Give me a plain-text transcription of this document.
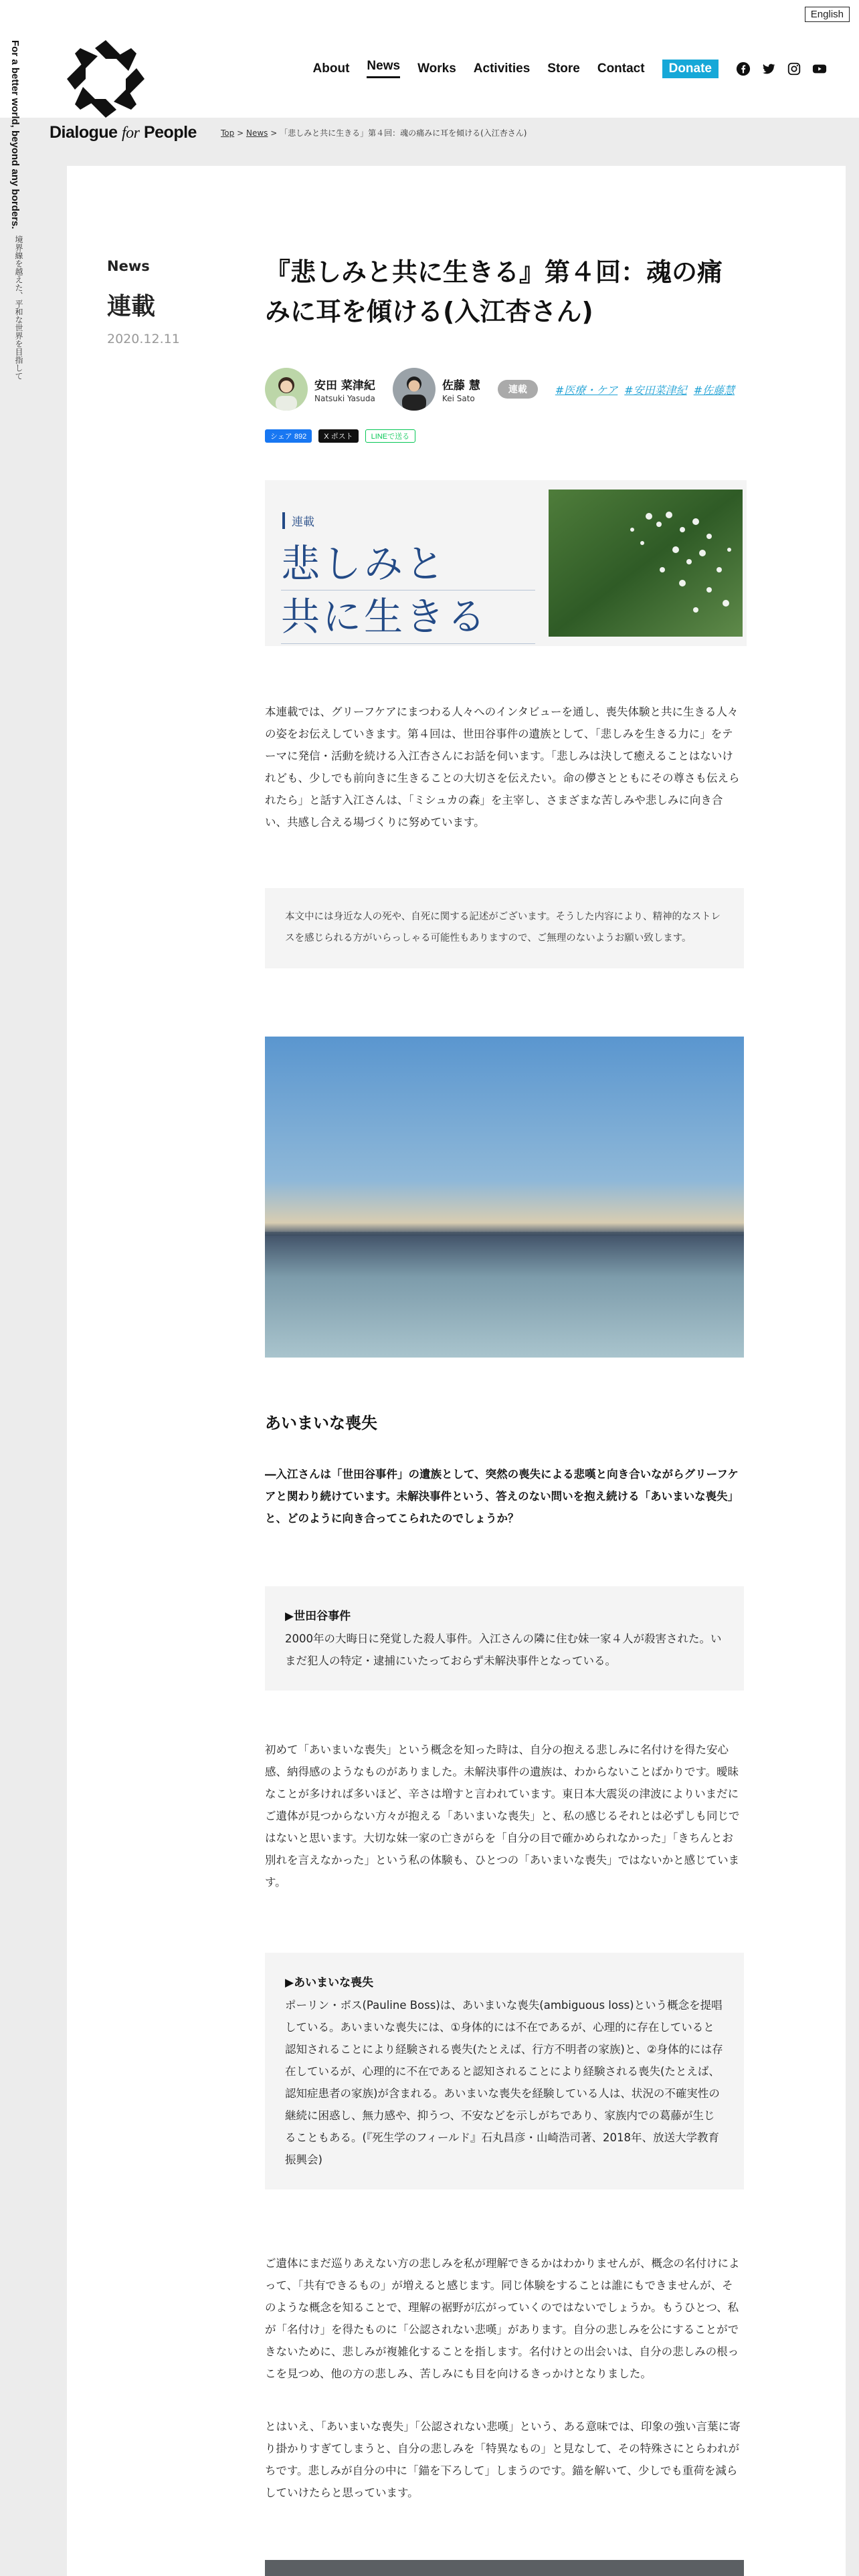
English
Dialogue for People
About News Works Activities Store Contact	Donate
For a better world, beyond any borders.
境界線を越えた、平和な世界を目指して
Top > News > 「悲しみと共に生きる」第４回：魂の痛みに耳を傾ける(入江杏さん)
News
連載
2020.12.11
『悲しみと共に生きる』第４回：魂の痛みに耳を傾ける(入江杏さん)
安田 菜津紀
Natsuki Yasuda
佐藤 慧
Kei Sato
連載	#医療・ケア #安田菜津紀 #佐藤慧
シェア 892	X ポスト	LINEで送る
連載
悲しみと
共に生きる

本連載では、グリーフケアにまつわる人々へのインタビューを通し、喪失体験と共に生きる人々の姿をお伝えしていきます。第４回は、世田谷事件の遺族として、「悲しみを生きる力に」をテーマに発信・活動を続ける入江杏さんにお話を伺います。「悲しみは決して癒えることはないけれども、少しでも前向きに生きることの大切さを伝えたい。命の儚さとともにその尊さも伝えられたら」と話す入江さんは、「ミシュカの森」を主宰し、さまざまな苦しみや悲しみに向き合い、共感し合える場づくりに努めています。

本文中には身近な人の死や、自死に関する記述がございます。そうした内容により、精神的なストレスを感じられる方がいらっしゃる可能性もありますので、ご無理のないようお願い致します。
あいまいな喪失

―入江さんは「世田谷事件」の遺族として、突然の喪失による悲嘆と向き合いながらグリーフケアと関わり続けています。未解決事件という、答えのない問いを抱え続ける「あいまいな喪失」と、どのように向き合ってこられたのでしょうか？

▶世田谷事件
2000年の大晦日に発覚した殺人事件。入江さんの隣に住む妹一家４人が殺害された。いまだ犯人の特定・逮捕にいたっておらず未解決事件となっている。

初めて「あいまいな喪失」という概念を知った時は、自分の抱える悲しみに名付けを得た安心感、納得感のようなものがありました。未解決事件の遺族は、わからないことばかりです。曖昧なことが多ければ多いほど、辛さは増すと言われています。東日本大震災の津波によりいまだにご遺体が見つからない方々が抱える「あいまいな喪失」と、私の感じるそれとは必ずしも同じではないと思います。大切な妹一家の亡きがらを「自分の目で確かめられなかった」「きちんとお別れを言えなかった」という私の体験も、ひとつの「あいまいな喪失」ではないかと感じています。

▶あいまいな喪失
ポーリン・ボス(Pauline Boss)は、あいまいな喪失(ambiguous loss)という概念を提唱している。あいまいな喪失には、①身体的には不在であるが、心理的に存在していると認知されることにより経験される喪失(たとえば、行方不明者の家族)と、②身体的には存在しているが、心理的に不在であると認知されることにより経験される喪失(たとえば、認知症患者の家族)が含まれる。あいまいな喪失を経験している人は、状況の不確実性の継続に困惑し、無力感や、抑うつ、不安などを示しがちであり、家族内での葛藤が生じることもある。(『死生学のフィールド』石丸昌彦・山崎浩司著、2018年、放送大学教育振興会)

ご遺体にまだ巡りあえない方の悲しみを私が理解できるかはわかりませんが、概念の名付けによって、「共有できるもの」が増えると感じます。同じ体験をすることは誰にもできませんが、そのような概念を知ることで、理解の裾野が広がっていくのではないでしょうか。もうひとつ、私が「名付け」を得たものに「公認されない悲嘆」があります。自分の悲しみを公にすることができないために、悲しみが複雑化することを指します。名付けとの出会いは、自分の悲しみの根っこを見つめ、他の方の悲しみ、苦しみにも目を向けるきっかけとなりました。

とはいえ、「あいまいな喪失」「公認されない悲嘆」という、ある意味では、印象の強い言葉に寄り掛かりすぎてしまうと、自分の悲しみを「特異なもの」と見なして、その特殊さにとらわれがちです。悲しみが自分の中に「錨を下ろして」しまうのです。錨を解いて、少しでも重荷を減らしていけたらと思っています。
